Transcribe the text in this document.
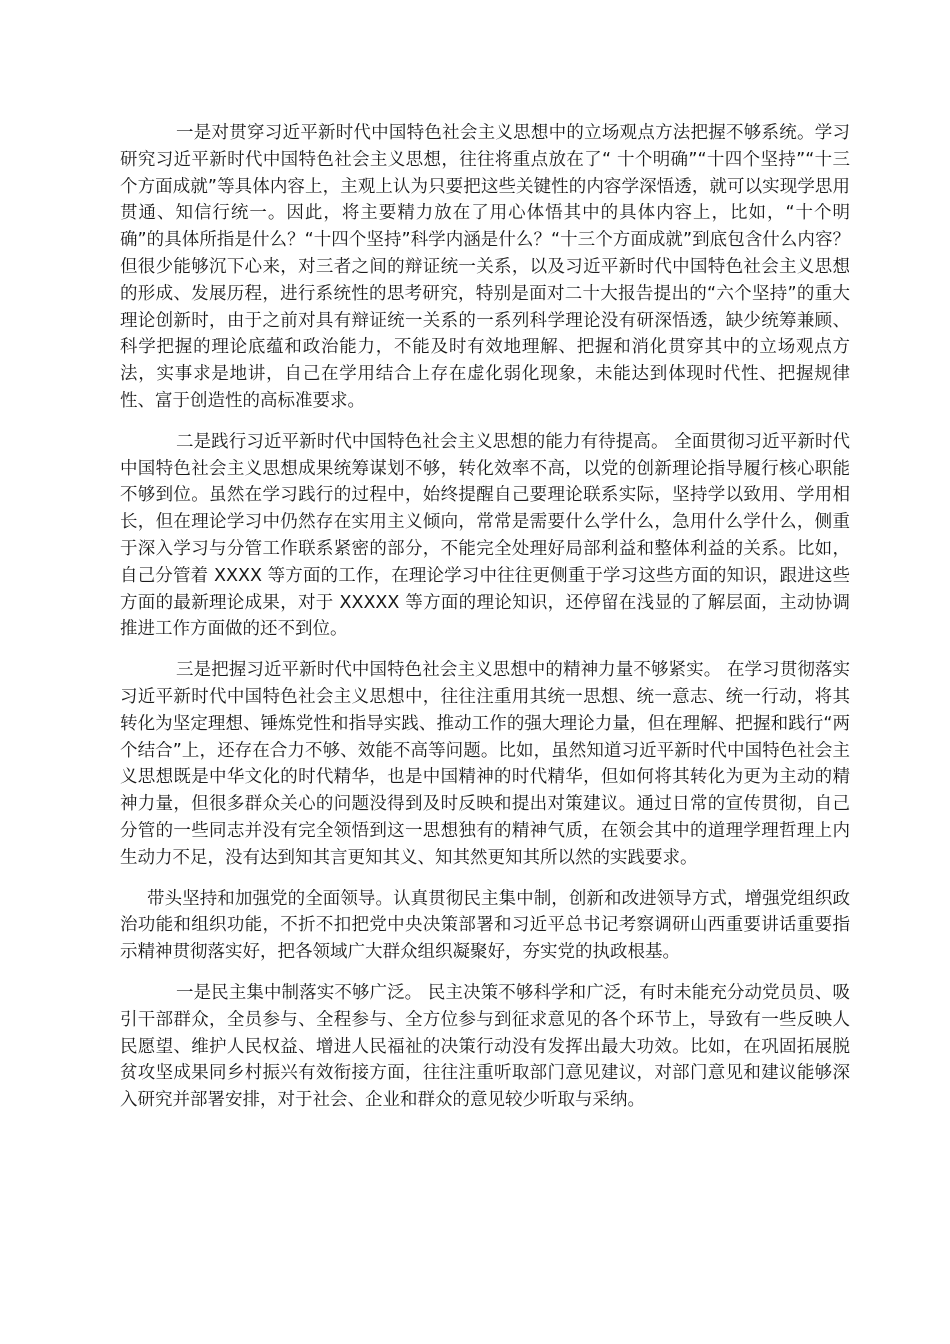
一是对贯穿习近平新时代中国特色社会主义思想中的立场观点方法把握不够系统。学习研究习近平新时代中国特色社会主义思想，往往将重点放在了“ 十个明确”“十四个坚持”“十三个方面成就”等具体内容上，主观上认为只要把这些关键性的内容学深悟透，就可以实现学思用贯通、知信行统一。因此，将主要精力放在了用心体悟其中的具体内容上，比如，“十个明确”的具体所指是什么？“十四个坚持”科学内涵是什么？“十三个方面成就”到底包含什么内容？但很少能够沉下心来，对三者之间的辩证统一关系，以及习近平新时代中国特色社会主义思想的形成、发展历程，进行系统性的思考研究，特别是面对二十大报告提出的“六个坚持”的重大理论创新时，由于之前对具有辩证统一关系的一系列科学理论没有研深悟透，缺少统筹兼顾、科学把握的理论底蕴和政治能力，不能及时有效地理解、把握和消化贯穿其中的立场观点方法，实事求是地讲，自己在学用结合上存在虚化弱化现象，未能达到体现时代性、把握规律性、富于创造性的高标准要求。

二是践行习近平新时代中国特色社会主义思想的能力有待提高。 全面贯彻习近平新时代中国特色社会主义思想成果统筹谋划不够，转化效率不高，以党的创新理论指导履行核心职能不够到位。虽然在学习践行的过程中，始终提醒自己要理论联系实际，坚持学以致用、学用相长，但在理论学习中仍然存在实用主义倾向，常常是需要什么学什么，急用什么学什么，侧重于深入学习与分管工作联系紧密的部分，不能完全处理好局部利益和整体利益的关系。比如，自己分管着 XXXX 等方面的工作，在理论学习中往往更侧重于学习这些方面的知识，跟进这些方面的最新理论成果，对于 XXXXX 等方面的理论知识，还停留在浅显的了解层面，主动协调推进工作方面做的还不到位。

三是把握习近平新时代中国特色社会主义思想中的精神力量不够紧实。 在学习贯彻落实习近平新时代中国特色社会主义思想中，往往注重用其统一思想、统一意志、统一行动，将其转化为坚定理想、锤炼党性和指导实践、推动工作的强大理论力量，但在理解、把握和践行“两个结合”上，还存在合力不够、效能不高等问题。比如，虽然知道习近平新时代中国特色社会主义思想既是中华文化的时代精华，也是中国精神的时代精华，但如何将其转化为更为主动的精神力量，但很多群众关心的问题没得到及时反映和提出对策建议。通过日常的宣传贯彻，自己分管的一些同志并没有完全领悟到这一思想独有的精神气质，在领会其中的道理学理哲理上内生动力不足，没有达到知其言更知其义、知其然更知其所以然的实践要求。

带头坚持和加强党的全面领导。认真贯彻民主集中制，创新和改进领导方式，增强党组织政治功能和组织功能，不折不扣把党中央决策部署和习近平总书记考察调研山西重要讲话重要指示精神贯彻落实好，把各领域广大群众组织凝聚好，夯实党的执政根基。

一是民主集中制落实不够广泛。 民主决策不够科学和广泛，有时未能充分动党员员、吸引干部群众，全员参与、全程参与、全方位参与到征求意见的各个环节上，导致有一些反映人民愿望、维护人民权益、增进人民福祉的决策行动没有发挥出最大功效。比如，在巩固拓展脱贫攻坚成果同乡村振兴有效衔接方面，往往注重听取部门意见建议，对部门意见和建议能够深入研究并部署安排，对于社会、企业和群众的意见较少听取与采纳。
